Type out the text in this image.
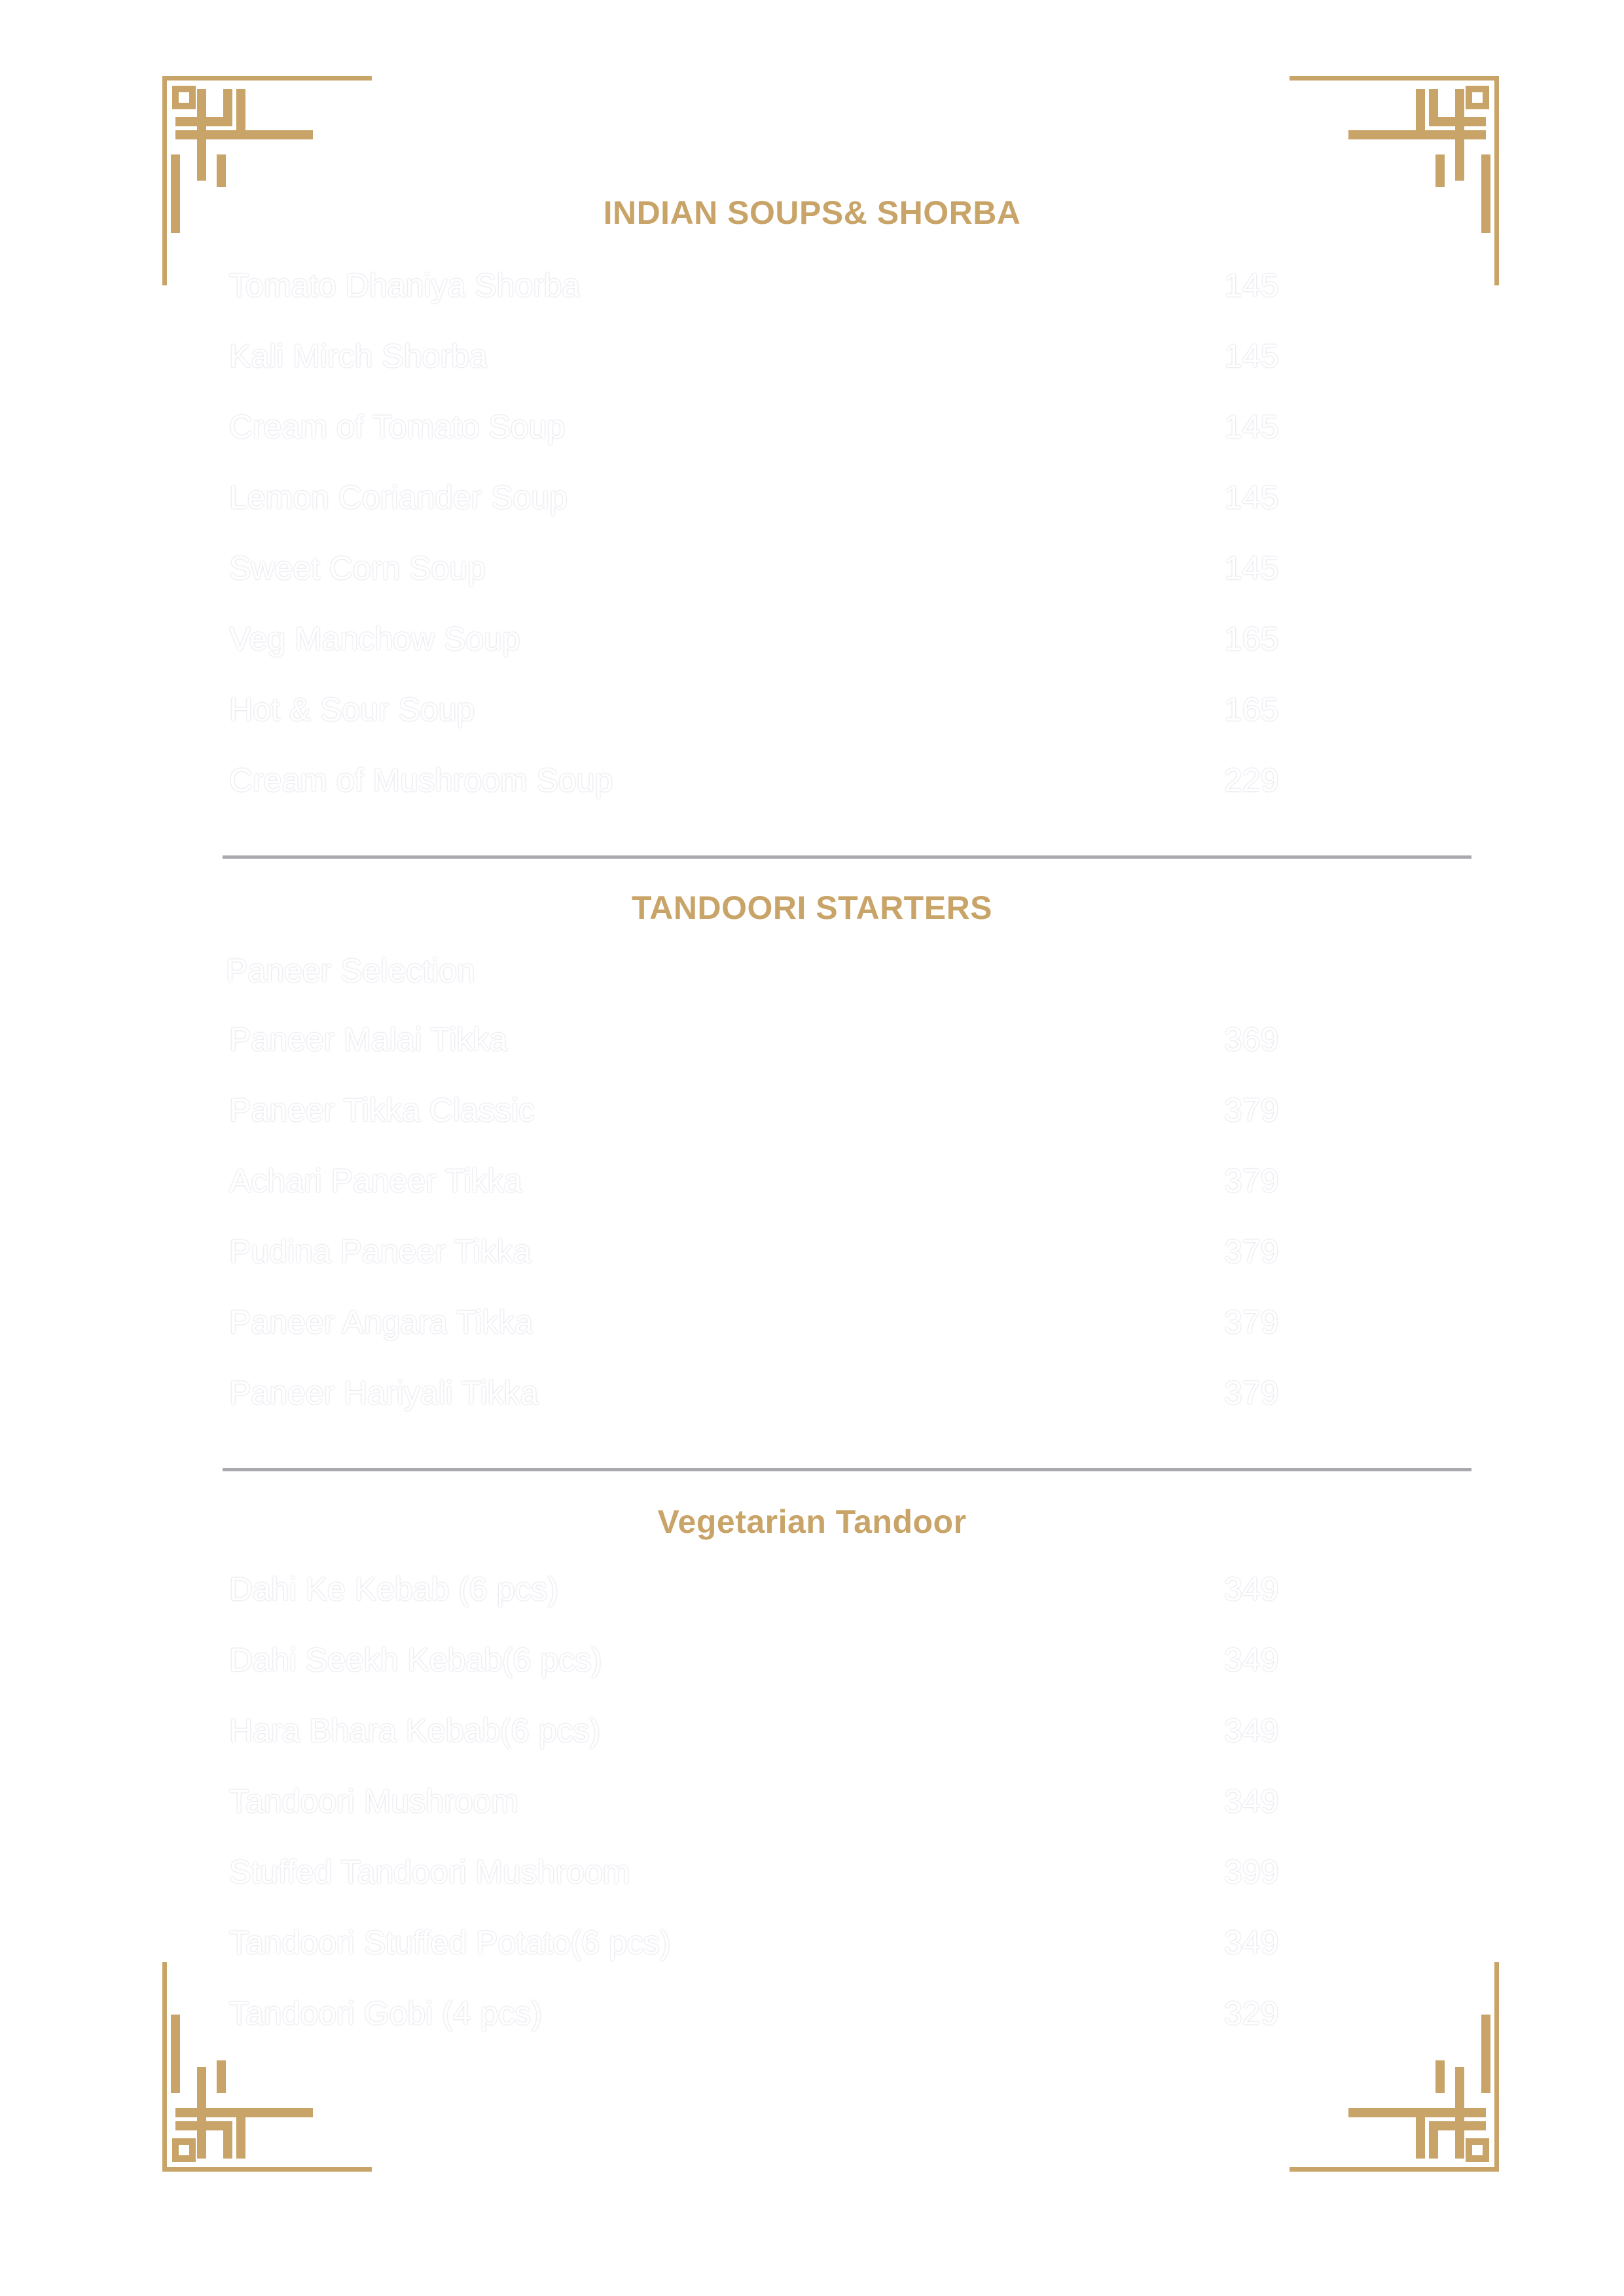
INDIAN SOUPS& SHORBA
Tomato Dhaniya Shorba	145
Kali Mirch Shorba	145
Cream of Tomato Soup	145
Lemon Coriander Soup	145
Sweet Corn Soup	145
Veg Manchow Soup	165
Hot & Sour Soup	165
Cream of Mushroom Soup	229
TANDOORI STARTERS
Paneer Selection
Paneer Malai Tikka	369
Paneer Tikka Classic	379
Achari Paneer Tikka	379
Pudina Paneer Tikka	379
Paneer Angara Tikka	379
Paneer Hariyali Tikka	379
Vegetarian Tandoor
Dahi Ke Kebab (6 pcs)	349
Dahi Seekh Kebab(6 pcs)	349
Hara Bhara Kebab(6 pcs)	349
Tandoori Mushroom	349
Stuffed Tandoori Mushroom	399
Tandoori Stuffed Potato(6 pcs)	349
Tandoori Gobi (4 pcs)	329
